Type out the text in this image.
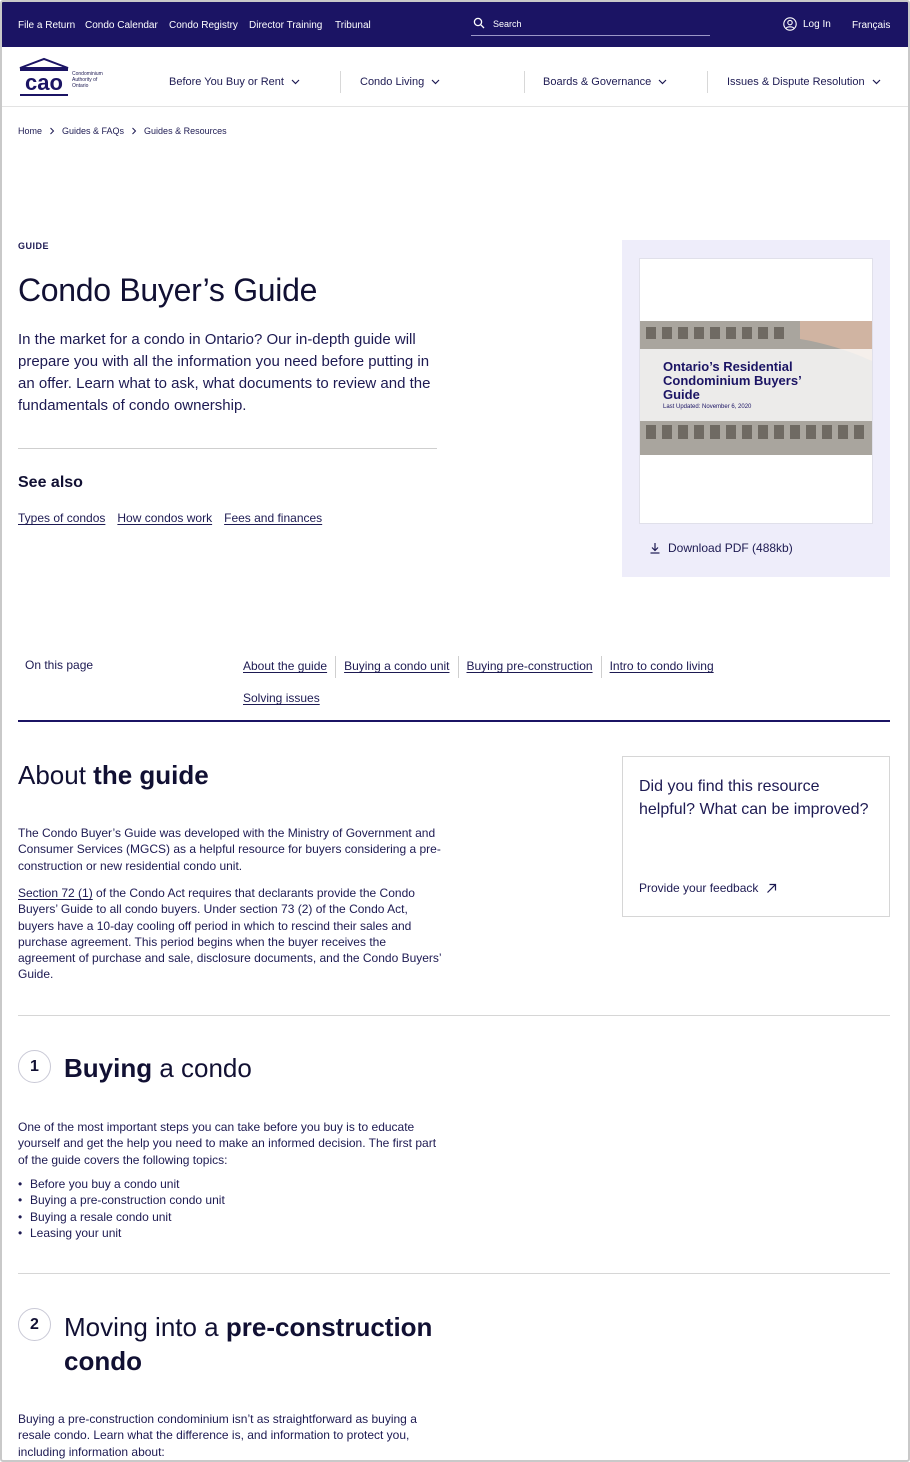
File a Return Condo Calendar Condo Registry Director Training Tribunal
Search	Log In Français
cao Condominium
Authority of
Ontario	Before You Buy or Rent	Condo Living	Boards & Governance	Issues & Dispute Resolution
Home Guides & FAQs Guides & Resources
GUIDE
Condo Buyer’s Guide

In the market for a condo in Ontario? Our in-depth guide will prepare you with all the information you need before putting in an offer. Learn what to ask, what documents to review and the fundamentals of condo ownership.

See also
Types of condos How condos work Fees and finances
Ontario’s Residential Condominium Buyers’ Guide
Last Updated: November 6, 2020
Download PDF (488kb)
On this page	About the guide Buying a condo unit Buying pre-construction Intro to condo living
Solving issues
About the guide

The Condo Buyer’s Guide was developed with the Ministry of Government and Consumer Services (MGCS) as a helpful resource for buyers considering a pre-construction or new residential condo unit.

Section 72 (1) of the Condo Act requires that declarants provide the Condo Buyers’ Guide to all condo buyers. Under section 73 (2) of the Condo Act, buyers have a 10-day cooling off period in which to rescind their sales and purchase agreement. This period begins when the buyer receives the agreement of purchase and sale, disclosure documents, and the Condo Buyers’ Guide.

Did you find this resource helpful? What can be improved?

Provide your feedback
1 Buying a condo

One of the most important steps you can take before you buy is to educate yourself and get the help you need to make an informed decision. The first part of the guide covers the following topics:

• Before you buy a condo unit
• Buying a pre-construction condo unit
• Buying a resale condo unit
• Leasing your unit
2 Moving into a pre-construction
condo

Buying a pre-construction condominium isn’t as straightforward as buying a resale condo. Learn what the difference is, and information to protect you, including information about:
